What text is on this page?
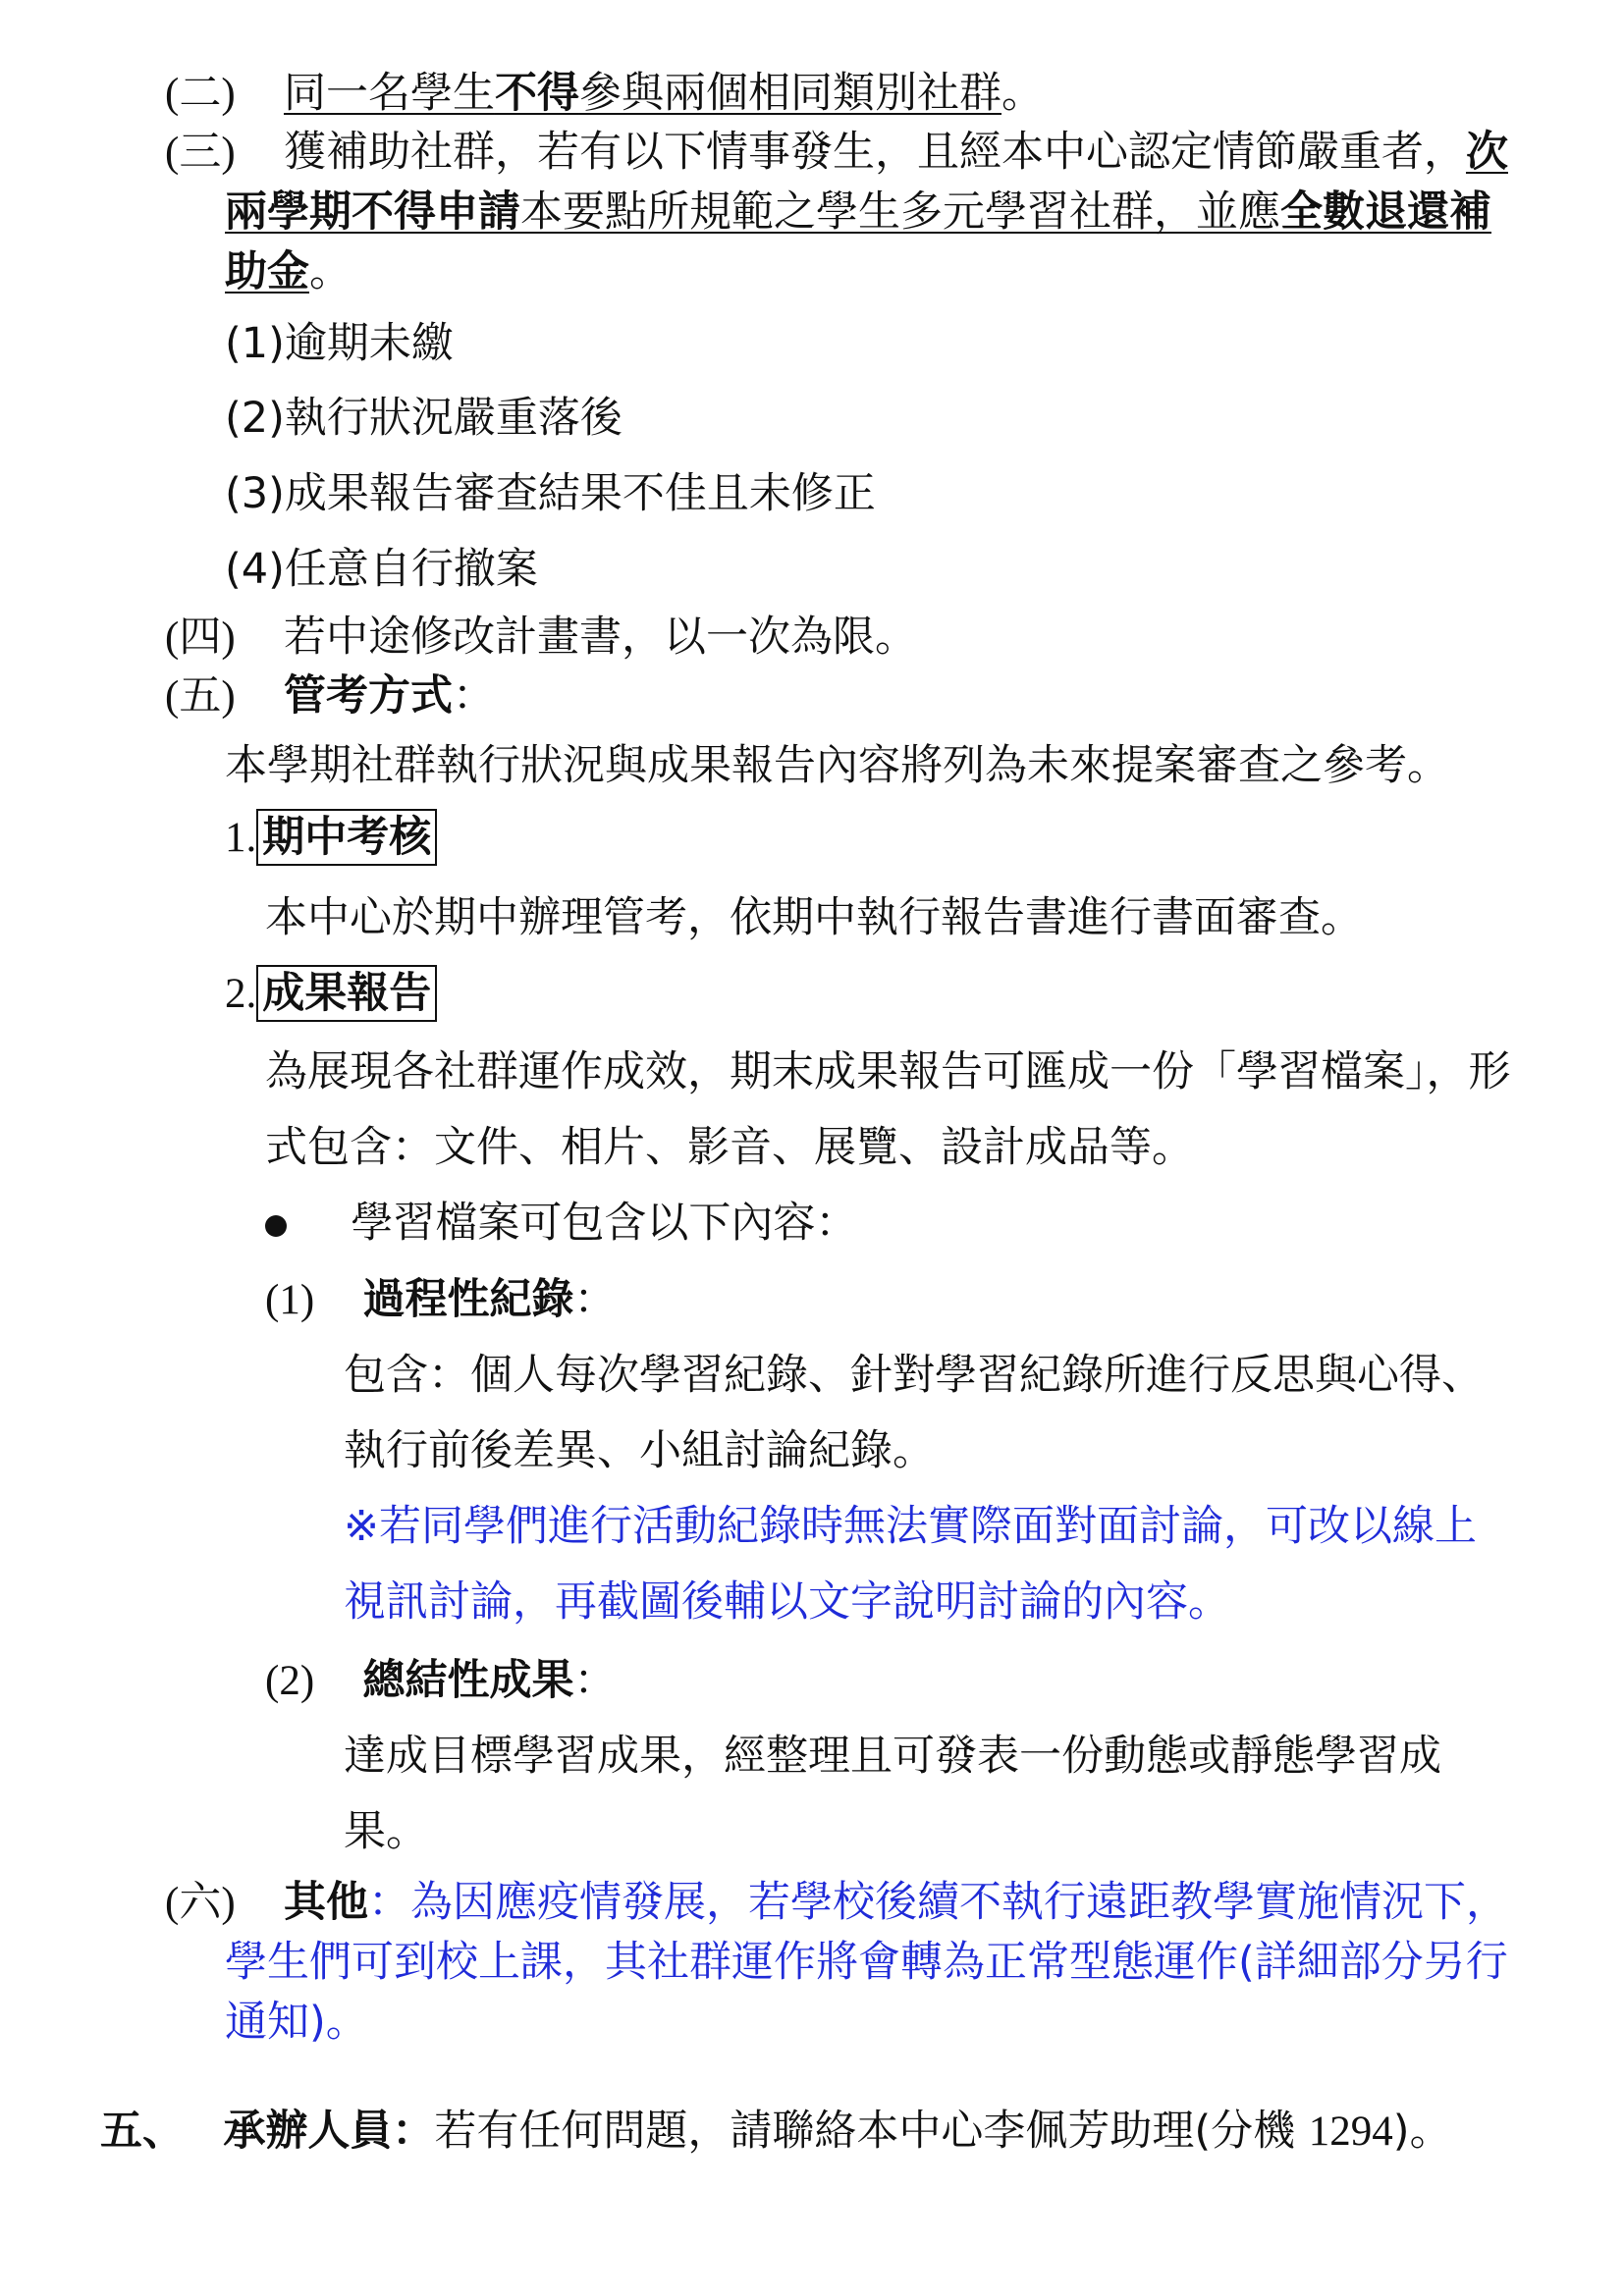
(二) 同一名學生不得參與兩個相同類別社群。
(三) 獲補助社群，若有以下情事發生，且經本中心認定情節嚴重者，次
兩學期不得申請本要點所規範之學生多元學習社群，並應全數退還補
助金。
(1)逾期未繳
(2)執行狀況嚴重落後
(3)成果報告審查結果不佳且未修正
(4)任意自行撤案
(四) 若中途修改計畫書，以一次為限。
(五) 管考方式：
本學期社群執行狀況與成果報告內容將列為未來提案審查之參考。
1. 期中考核
本中心於期中辦理管考，依期中執行報告書進行書面審查。
2. 成果報告
為展現各社群運作成效，期末成果報告可匯成一份「學習檔案」，形
式包含：文件、相片、影音、展覽、設計成品等。
學習檔案可包含以下內容：
(1) 過程性紀錄：
包含：個人每次學習紀錄、針對學習紀錄所進行反思與心得、
執行前後差異、小組討論紀錄。
※若同學們進行活動紀錄時無法實際面對面討論，可改以線上
視訊討論，再截圖後輔以文字說明討論的內容。
(2) 總結性成果：
達成目標學習成果，經整理且可發表一份動態或靜態學習成
果。
(六) 其他：為因應疫情發展，若學校後續不執行遠距教學實施情況下，
學生們可到校上課，其社群運作將會轉為正常型態運作(詳細部分另行
通知)。
五、 承辦人員：若有任何問題，請聯絡本中心李佩芳助理(分機 1294)。
